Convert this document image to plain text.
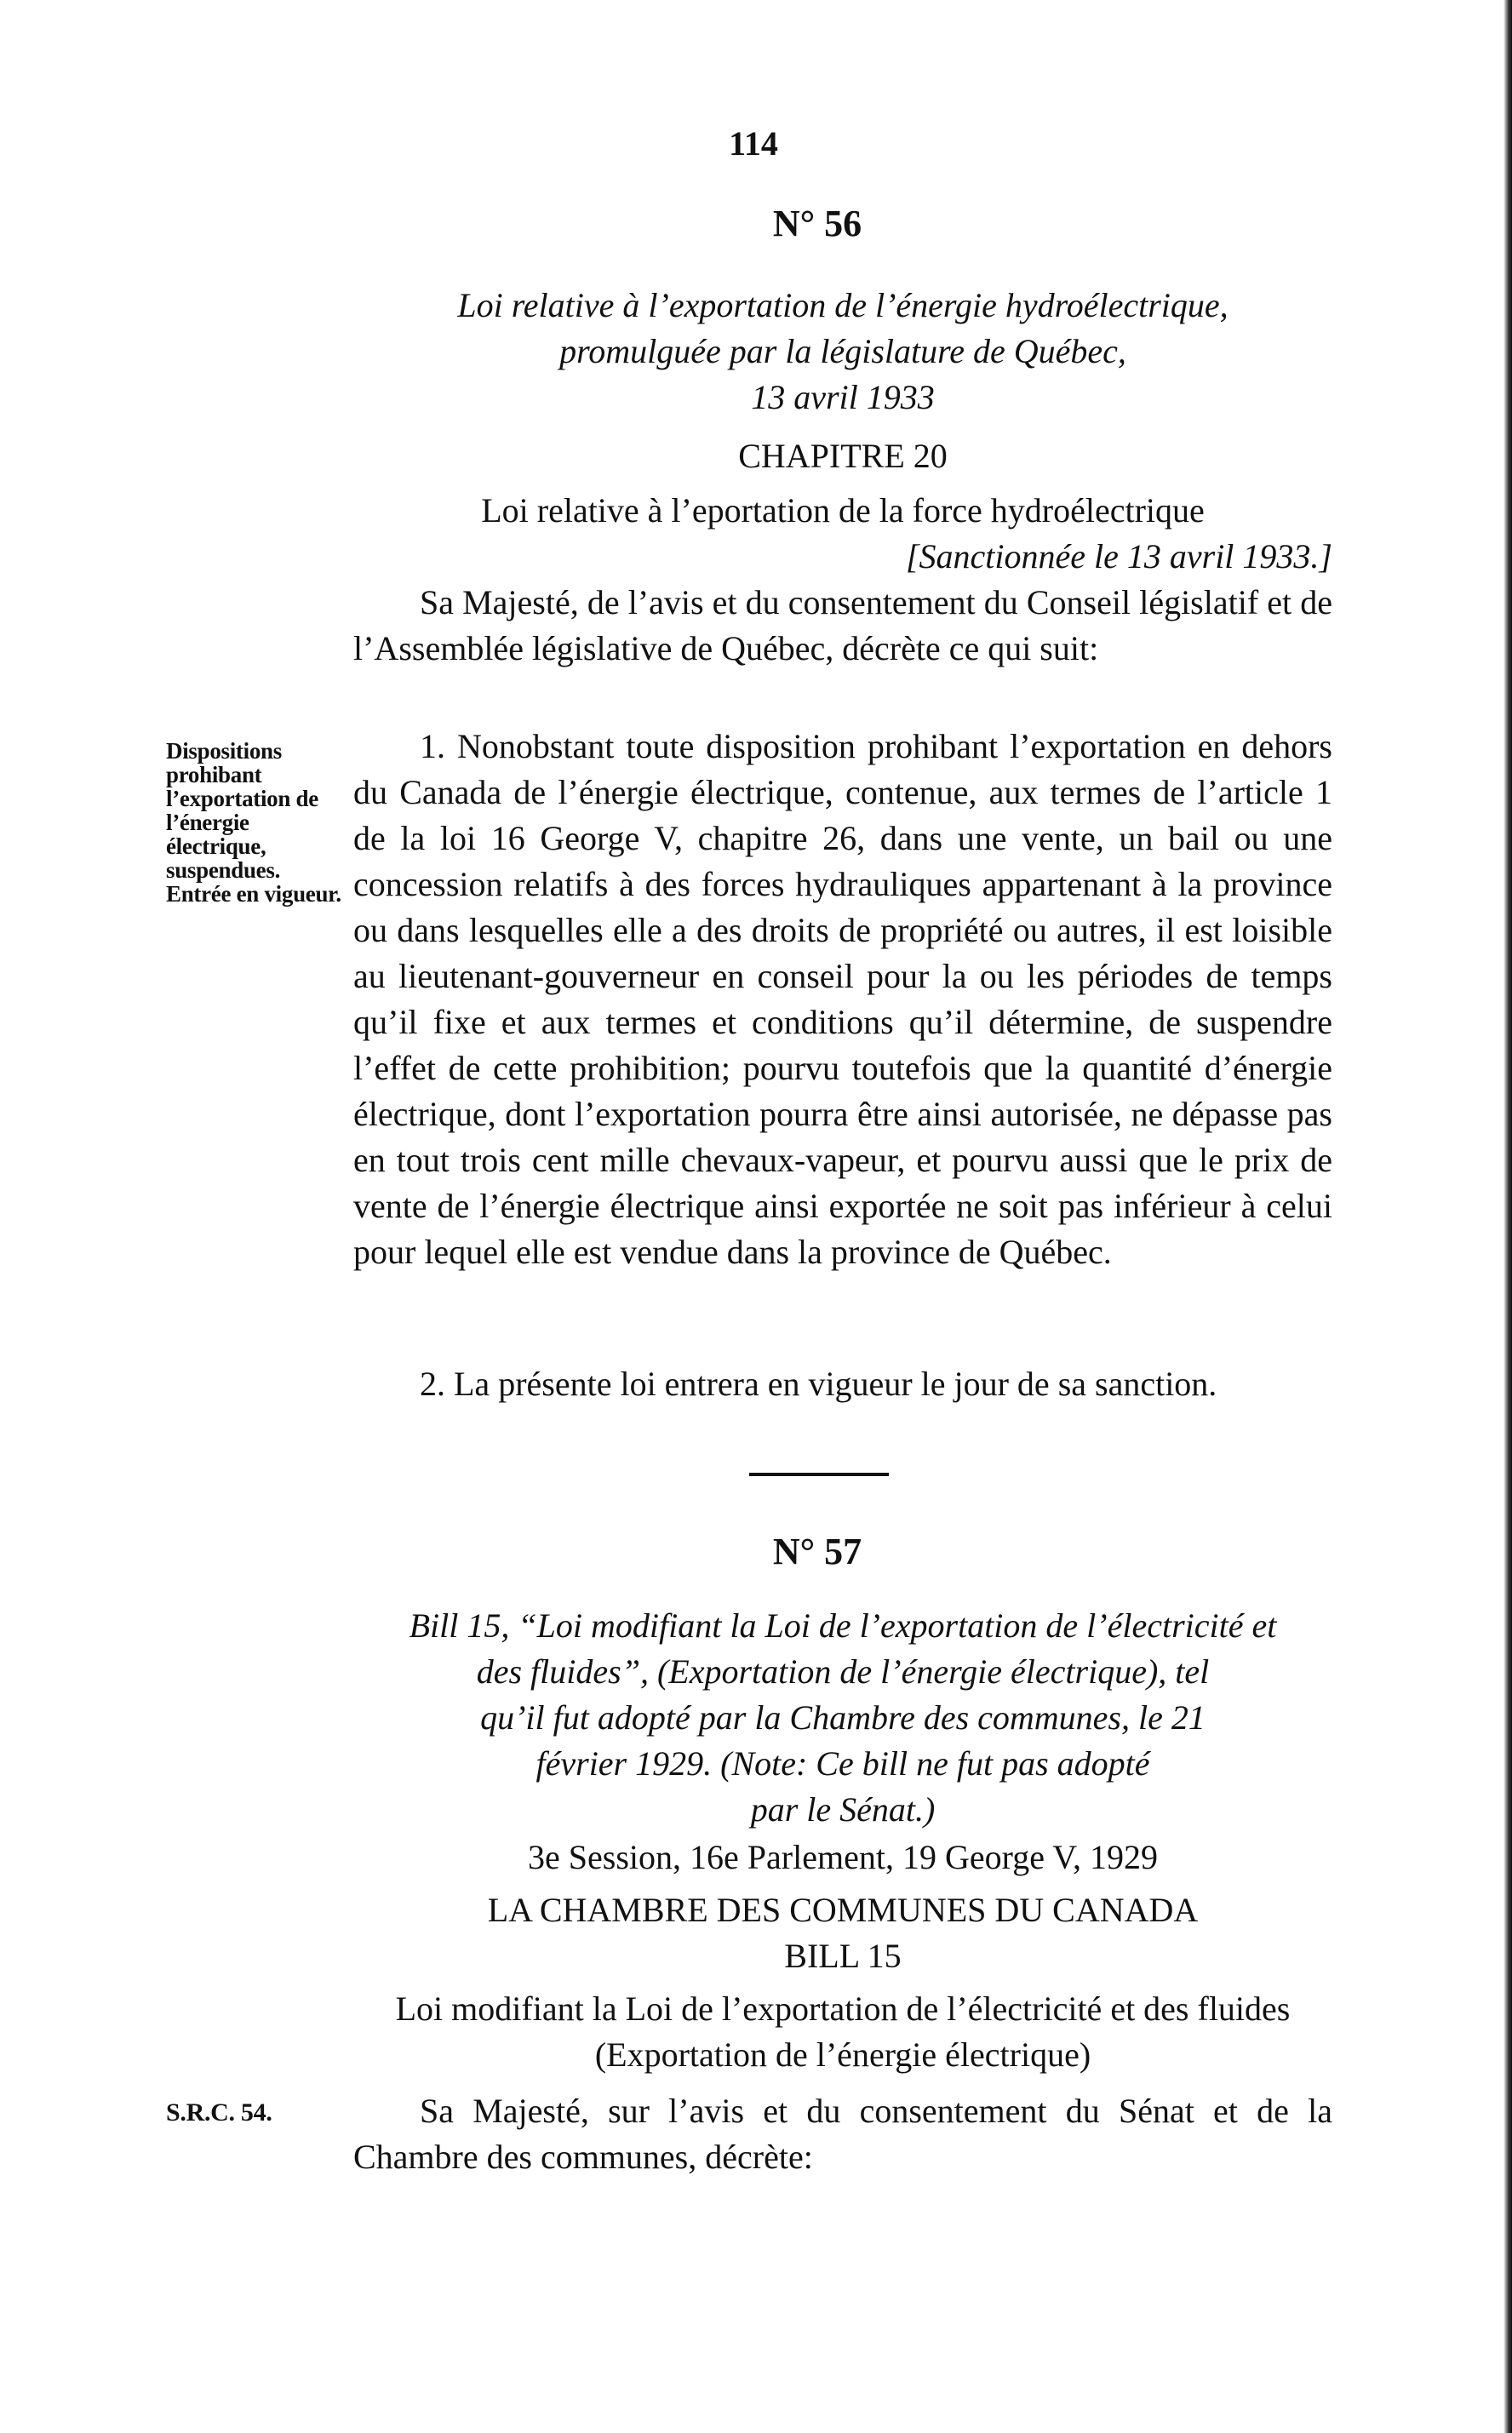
114
N° 56
Loi relative à l’exportation de l’énergie hydroélectrique,
promulguée par la législature de Québec,
13 avril 1933
CHAPITRE 20
Loi relative à l’eportation de la force hydroélectrique
[Sanctionnée le 13 avril 1933.]

Sa Majesté, de l’avis et du consentement du Conseil législatif et de l’Assemblée législative de Québec, décrète ce qui suit:

Dispositions prohibant l’exportation de l’énergie électrique, suspendues. Entrée en vigueur.

1. Nonobstant toute disposition prohibant l’exportation en dehors du Canada de l’énergie électrique, contenue, aux termes de l’article 1 de la loi 16 George V, chapitre 26, dans une vente, un bail ou une concession relatifs à des forces hydrauliques appartenant à la province ou dans lesquelles elle a des droits de propriété ou autres, il est loisible au lieutenant-gouverneur en conseil pour la ou les périodes de temps qu’il fixe et aux termes et conditions qu’il détermine, de suspendre l’effet de cette prohibition; pourvu toutefois que la quantité d’énergie électrique, dont l’exportation pourra être ainsi autorisée, ne dépasse pas en tout trois cent mille chevaux-vapeur, et pourvu aussi que le prix de vente de l’énergie électrique ainsi exportée ne soit pas inférieur à celui pour lequel elle est vendue dans la province de Québec.

2. La présente loi entrera en vigueur le jour de sa sanction.

N° 57
Bill 15, “Loi modifiant la Loi de l’exportation de l’électricité et
des fluides”, (Exportation de l’énergie électrique), tel
qu’il fut adopté par la Chambre des communes, le 21
février 1929. (Note: Ce bill ne fut pas adopté
par le Sénat.)
3e Session, 16e Parlement, 19 George V, 1929
LA CHAMBRE DES COMMUNES DU CANADA
BILL 15

Loi modifiant la Loi de l’exportation de l’électricité et des fluides (Exportation de l’énergie électrique)

S.R.C. 54.	Sa Majesté, sur l’avis et du consentement du Sénat et de la Chambre des communes, décrète:
